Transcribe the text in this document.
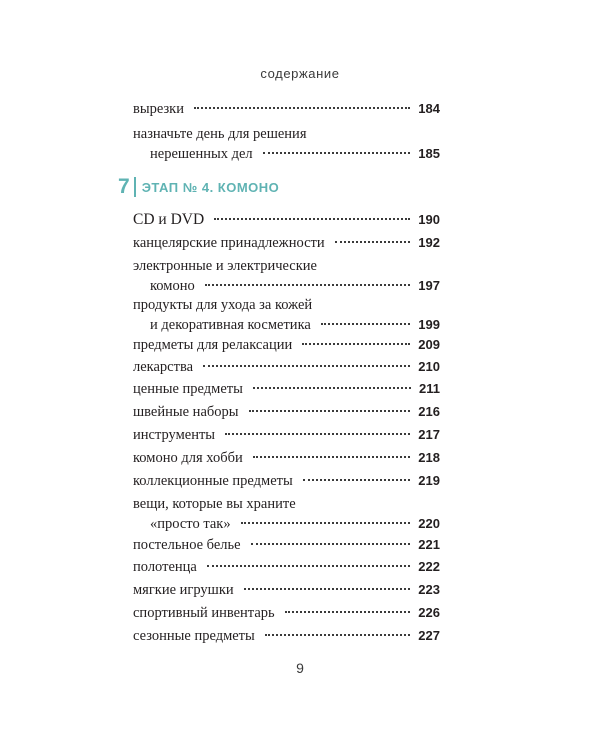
содержание
вырезки	184
назначьте день для решения
нерешенных дел	185
CD и DVD	190
канцелярские принадлежности	192
электронные и электрические
комоно	197
продукты для ухода за кожей
и декоративная косметика	199
предметы для релаксации	209
лекарства	210
ценные предметы	211
швейные наборы	216
инструменты	217
комоно для хобби	218
коллекционные предметы	219
вещи, которые вы храните
«просто так»	220
постельное белье	221
полотенца	222
мягкие игрушки	223
спортивный инвентарь	226
сезонные предметы	227
7 ЭТАП № 4. КОМОНО
9
